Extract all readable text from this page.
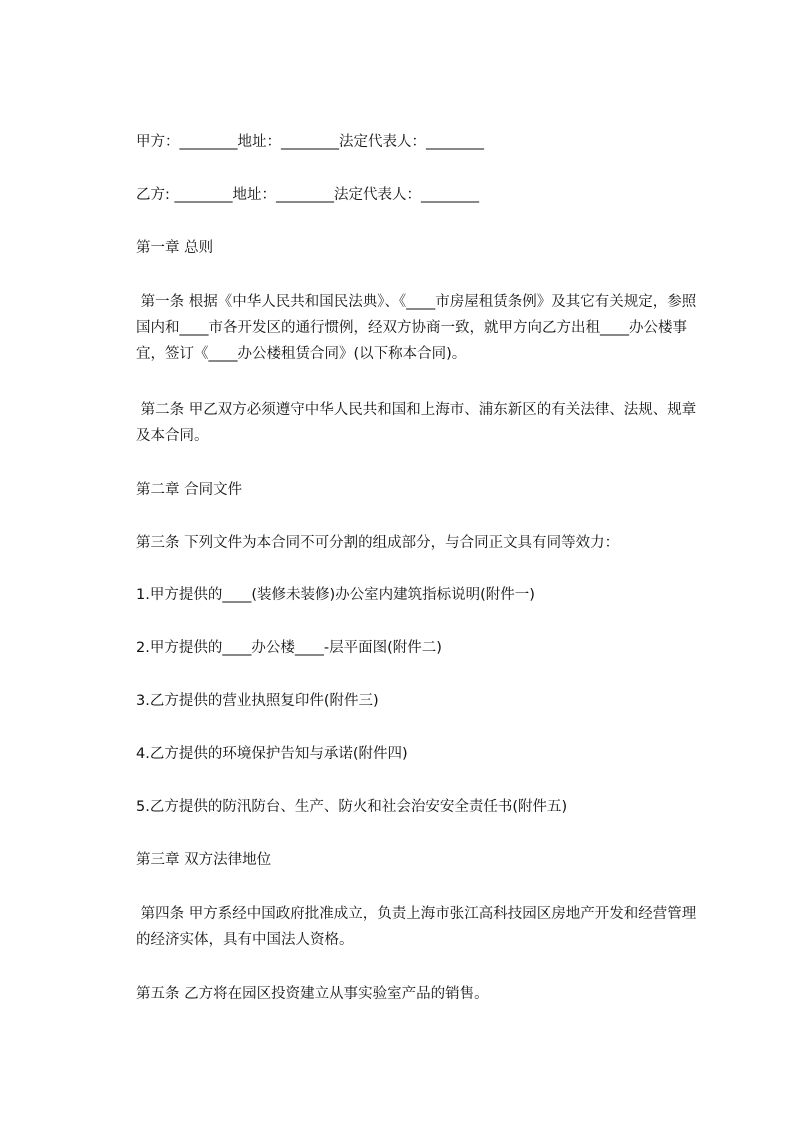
甲方：________地址：________法定代表人：________

乙方: ________地址：________法定代表人：________

第一章 总则

第一条 根据《中华人民共和国民法典》、《____市房屋租赁条例》及其它有关规定，参照国内和____市各开发区的通行惯例，经双方协商一致，就甲方向乙方出租____办公楼事宜，签订《____办公楼租赁合同》(以下称本合同)。

第二条 甲乙双方必须遵守中华人民共和国和上海市、浦东新区的有关法律、法规、规章及本合同。

第二章 合同文件

第三条 下列文件为本合同不可分割的组成部分，与合同正文具有同等效力：

1.甲方提供的____(装修未装修)办公室内建筑指标说明(附件一)

2.甲方提供的____办公楼____-层平面图(附件二)

3.乙方提供的营业执照复印件(附件三)

4.乙方提供的环境保护告知与承诺(附件四)

5.乙方提供的防汛防台、生产、防火和社会治安安全责任书(附件五)

第三章 双方法律地位

第四条 甲方系经中国政府批准成立，负责上海市张江高科技园区房地产开发和经营管理的经济实体，具有中国法人资格。

第五条 乙方将在园区投资建立从事实验室产品的销售。
